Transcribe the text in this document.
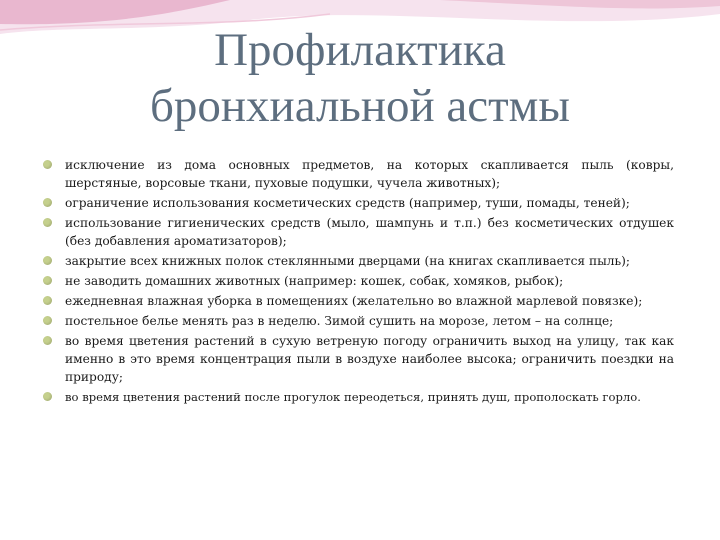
Профилактика
бронхиальной астмы
исключение из дома основных предметов, на которых скапливается пыль (ковры, шерстяные, ворсовые ткани, пуховые подушки, чучела животных);
ограничение использования косметических средств (например, туши, помады, теней);
использование гигиенических средств (мыло, шампунь и т.п.) без косметических отдушек (без добавления ароматизаторов);
закрытие всех книжных полок стеклянными дверцами (на книгах скапливается пыль);
не заводить домашних животных (например: кошек, собак, хомяков, рыбок);
ежедневная влажная уборка в помещениях (желательно во влажной марлевой повязке);
постельное белье менять раз в неделю. Зимой сушить на морозе, летом – на солнце;
во время цветения растений в сухую ветреную погоду ограничить выход на улицу, так как именно в это время концентрация пыли в воздухе наиболее высока; ограничить поездки на природу;
во время цветения растений после прогулок переодеться, принять душ, прополоскать горло.
